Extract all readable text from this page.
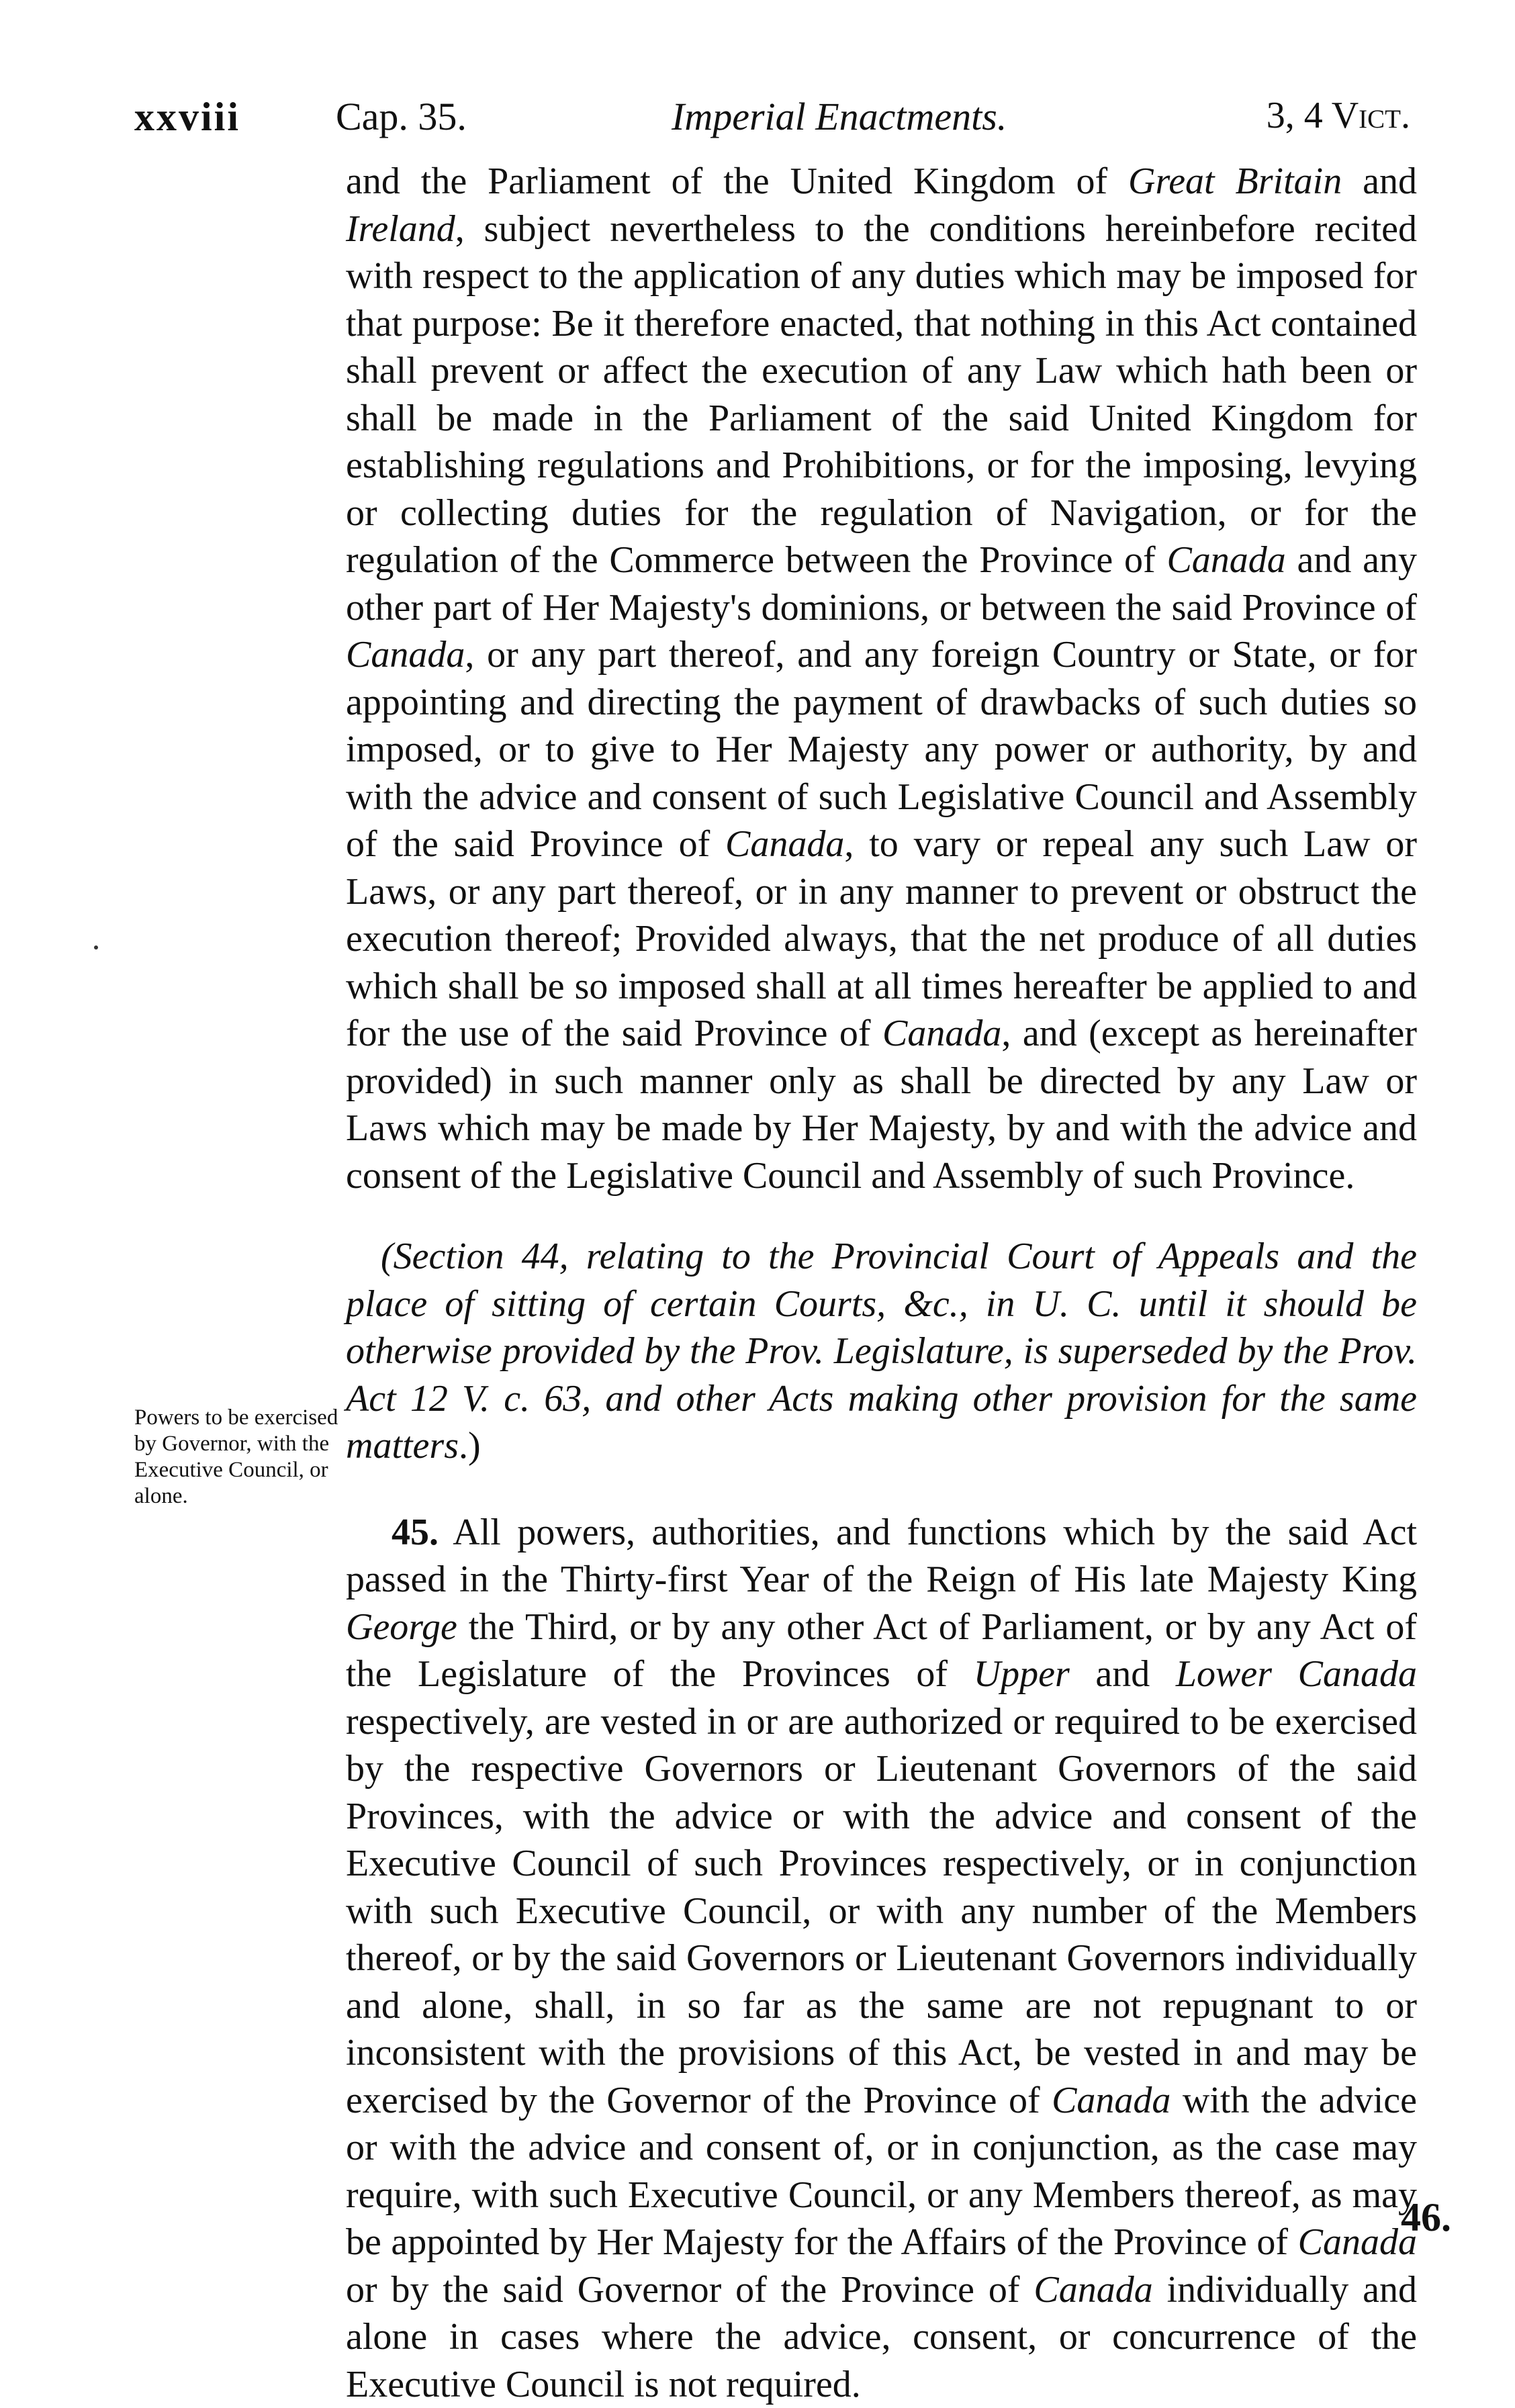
xxviii Cap. 35.	Imperial Enactments.	3, 4 Vict.

and the Parliament of the United Kingdom of Great Britain and Ireland, subject nevertheless to the conditions hereinbefore recited with respect to the application of any duties which may be imposed for that purpose: Be it therefore enacted, that nothing in this Act contained shall prevent or affect the execution of any Law which hath been or shall be made in the Parliament of the said United Kingdom for establishing regulations and Prohibitions, or for the imposing, levying or collecting duties for the regulation of Navigation, or for the regulation of the Commerce between the Province of Canada and any other part of Her Majesty's dominions, or between the said Province of Canada, or any part thereof, and any foreign Country or State, or for appointing and directing the payment of drawbacks of such duties so imposed, or to give to Her Majesty any power or authority, by and with the advice and consent of such Legislative Council and Assembly of the said Province of Canada, to vary or repeal any such Law or Laws, or any part thereof, or in any manner to prevent or obstruct the execution thereof; Provided always, that the net produce of all duties which shall be so imposed shall at all times hereafter be applied to and for the use of the said Province of Canada, and (except as hereinafter provided) in such manner only as shall be directed by any Law or Laws which may be made by Her Majesty, by and with the advice and consent of the Legislative Council and Assembly of such Province.

(Section 44, relating to the Provincial Court of Appeals and the place of sitting of certain Courts, &c., in U. C. until it should be otherwise provided by the Prov. Legislature, is superseded by the Prov. Act 12 V. c. 63, and other Acts making other provision for the same matters.)

45. All powers, authorities, and functions which by the said Act passed in the Thirty-first Year of the Reign of His late Majesty King George the Third, or by any other Act of Parliament, or by any Act of the Legislature of the Provinces of Upper and Lower Canada respectively, are vested in or are authorized or required to be exercised by the respective Governors or Lieutenant Governors of the said Provinces, with the advice or with the advice and consent of the Executive Council of such Provinces respectively, or in conjunction with such Executive Council, or with any number of the Members thereof, or by the said Governors or Lieutenant Governors individually and alone, shall, in so far as the same are not repugnant to or inconsistent with the provisions of this Act, be vested in and may be exercised by the Governor of the Province of Canada with the advice or with the advice and consent of, or in conjunction, as the case may require, with such Executive Council, or any Members thereof, as may be appointed by Her Majesty for the Affairs of the Province of Canada or by the said Governor of the Province of Canada individually and alone in cases where the advice, consent, or concurrence of the Executive Council is not required.

Powers to be exercised by Governor, with the Executive Council, or alone.

46.
